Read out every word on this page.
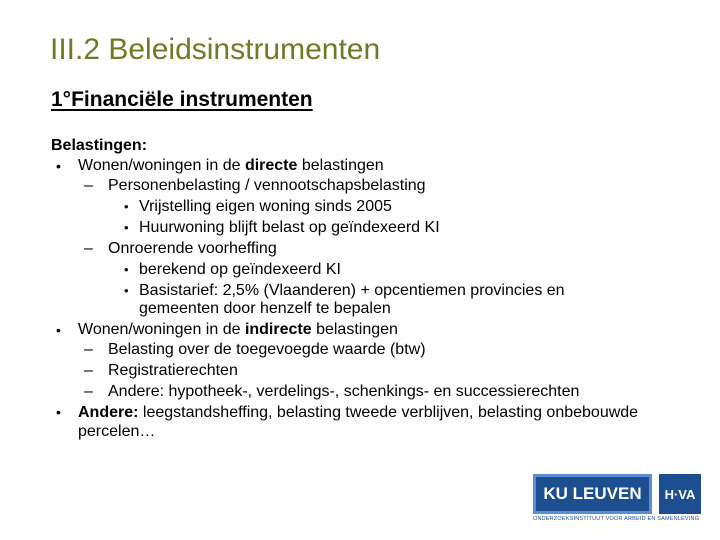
III.2 Beleidsinstrumenten
1°Financiële instrumenten
Belastingen:
• Wonen/woningen in de directe belastingen
– Personenbelasting / vennootschapsbelasting
• Vrijstelling eigen woning sinds 2005
• Huurwoning blijft belast op geïndexeerd KI
– Onroerende voorheffing
• berekend op geïndexeerd KI
• Basistarief: 2,5% (Vlaanderen) + opcentiemen provincies en
gemeenten door henzelf te bepalen
• Wonen/woningen in de indirecte belastingen
– Belasting over de toegevoegde waarde (btw)
– Registratierechten
– Andere: hypotheek-, verdelings-, schenkings- en successierechten
• Andere: leegstandsheffing, belasting tweede verblijven, belasting onbebouwde percelen…
KU LEUVEN	H·VA
ONDERZOEKSINSTITUUT VOOR ARBEID EN SAMENLEVING
